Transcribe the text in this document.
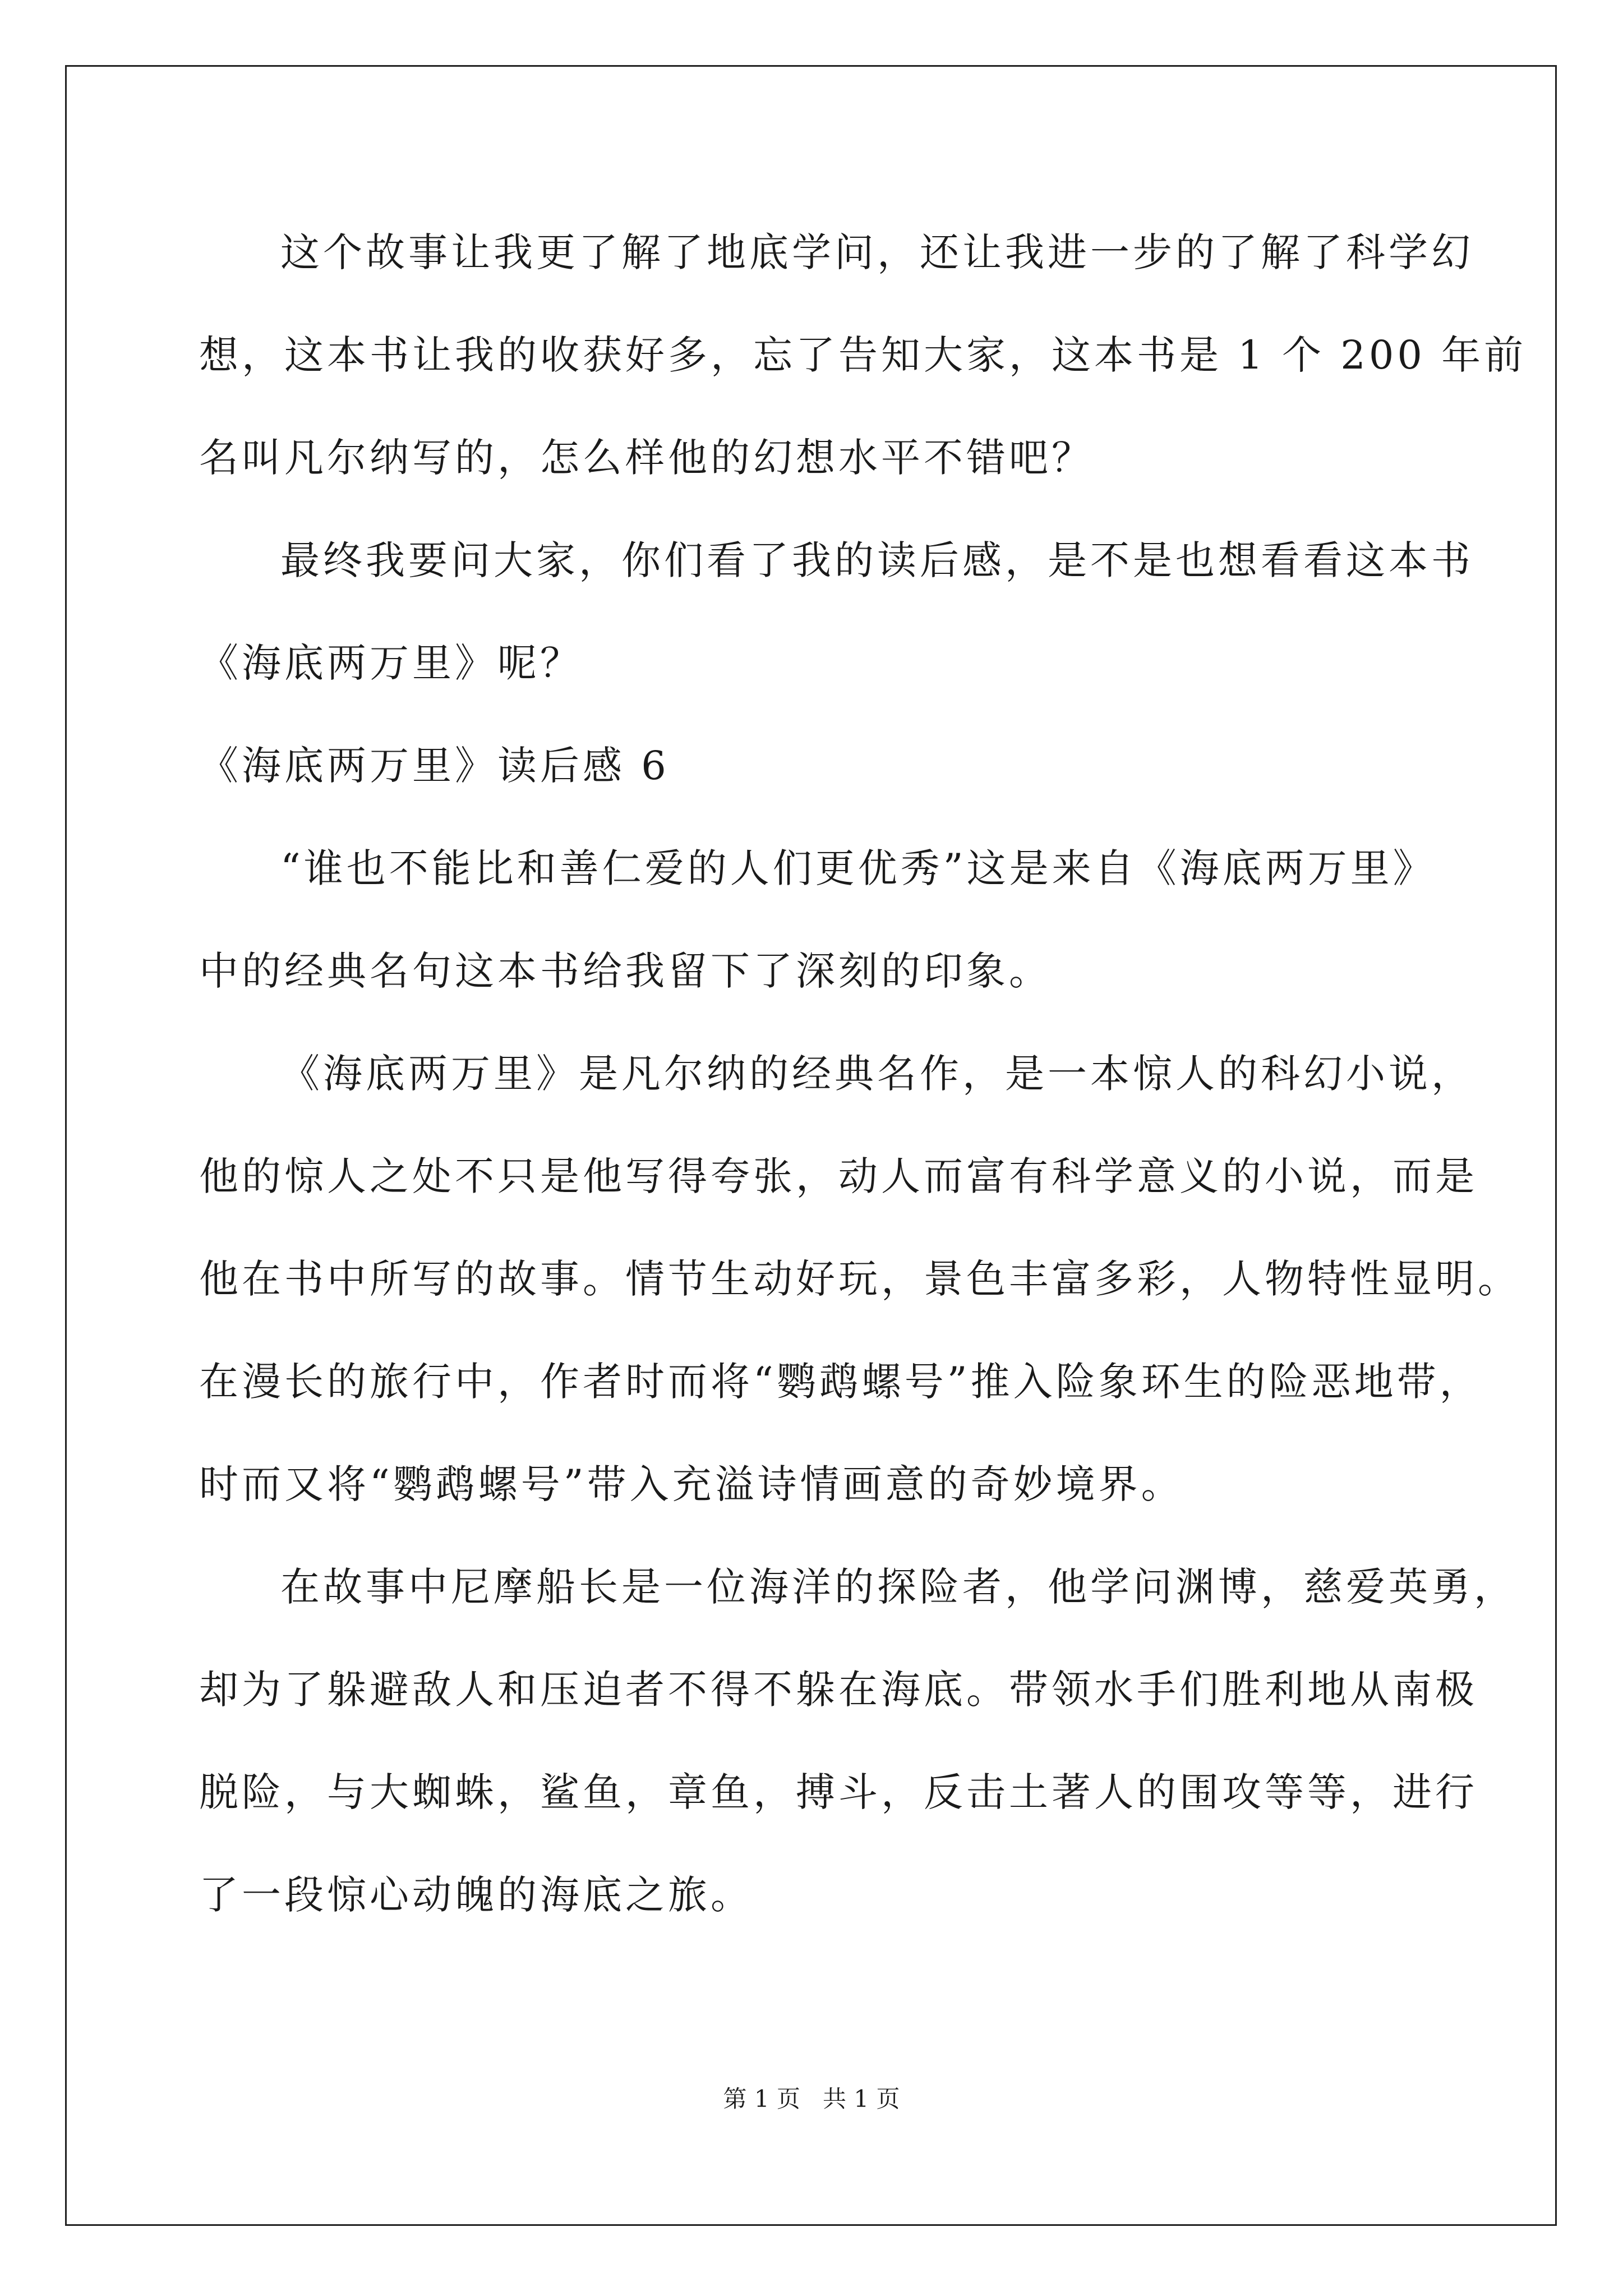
这个故事让我更了解了地底学问，还让我进一步的了解了科学幻
想，这本书让我的收获好多，忘了告知大家，这本书是 1 个 200 年前
名叫凡尔纳写的，怎么样他的幻想水平不错吧？
最终我要问大家，你们看了我的读后感，是不是也想看看这本书
《海底两万里》呢？
《海底两万里》读后感 6
“谁也不能比和善仁爱的人们更优秀”这是来自《海底两万里》
中的经典名句这本书给我留下了深刻的印象。
《海底两万里》是凡尔纳的经典名作，是一本惊人的科幻小说，
他的惊人之处不只是他写得夸张，动人而富有科学意义的小说，而是
他在书中所写的故事。情节生动好玩，景色丰富多彩，人物特性显明。
在漫长的旅行中，作者时而将“鹦鹉螺号”推入险象环生的险恶地带，
时而又将“鹦鹉螺号”带入充溢诗情画意的奇妙境界。
在故事中尼摩船长是一位海洋的探险者，他学问渊博，慈爱英勇，
却为了躲避敌人和压迫者不得不躲在海底。带领水手们胜利地从南极
脱险，与大蜘蛛，鲨鱼，章鱼，搏斗，反击土著人的围攻等等，进行
了一段惊心动魄的海底之旅。
第 1 页   共 1 页
